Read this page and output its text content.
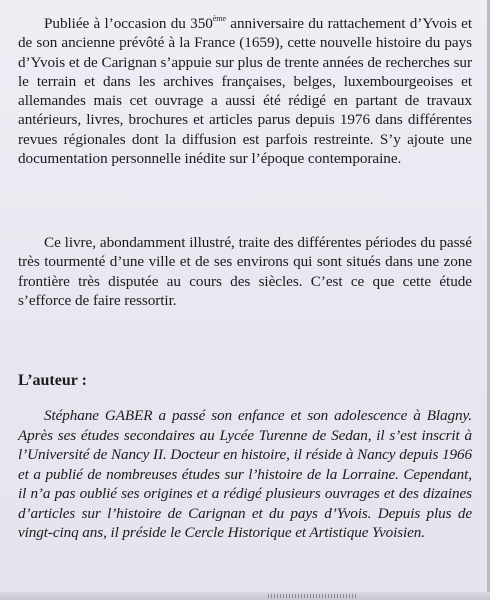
Publiée à l’occasion du 350ème anniversaire du rattachement d’Yvois et de son ancienne prévôté à la France (1659), cette nouvelle histoire du pays d’Yvois et de Carignan s’appuie sur plus de trente années de recherches sur le terrain et dans les archives françaises, belges, luxembourgeoises et allemandes mais cet ouvrage a aussi été rédigé en partant de travaux antérieurs, livres, brochures et articles parus depuis 1976 dans différentes revues régionales dont la diffusion est parfois restreinte. S’y ajoute une documentation personnelle inédite sur l’époque contemporaine.

Ce livre, abondamment illustré, traite des différentes périodes du passé très tourmenté d’une ville et de ses environs qui sont situés dans une zone frontière très disputée au cours des siècles. C’est ce que cette étude s’efforce de faire ressortir.

L’auteur :

Stéphane GABER a passé son enfance et son adolescence à Blagny. Après ses études secondaires au Lycée Turenne de Sedan, il s’est inscrit à l’Université de Nancy II. Docteur en histoire, il réside à Nancy depuis 1966 et a publié de nombreuses études sur l’histoire de la Lorraine. Cependant, il n’a pas oublié ses origines et a rédigé plusieurs ouvrages et des dizaines d’articles sur l’histoire de Carignan et du pays d’Yvois. Depuis plus de vingt-cinq ans, il préside le Cercle Historique et Artistique Yvoisien.
